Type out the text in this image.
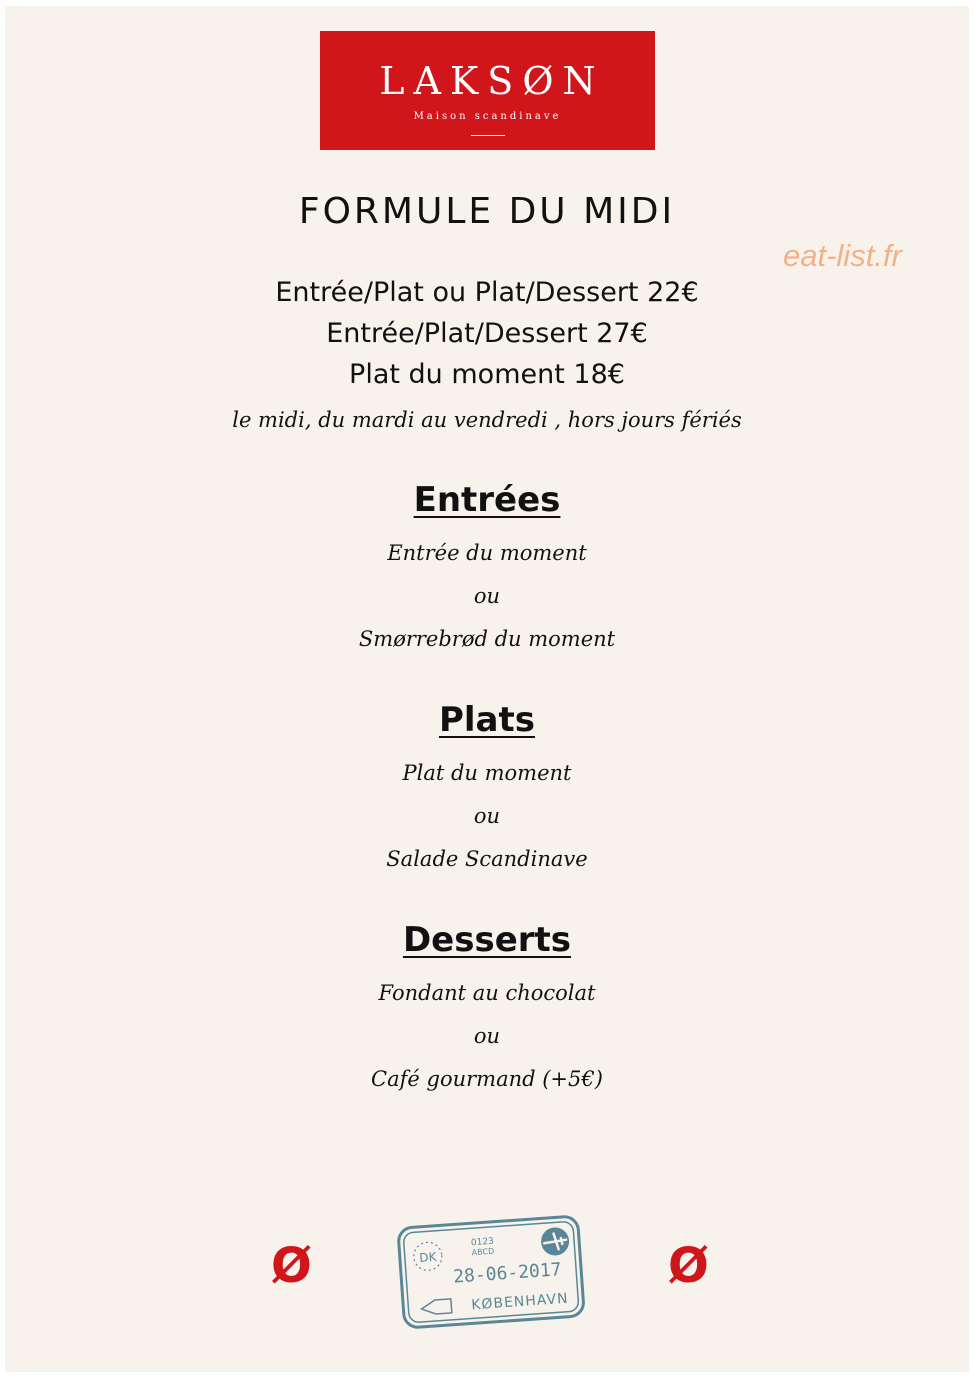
LAKSØN
Maison scandinave
FORMULE DU MIDI
eat-list.fr
Entrée/Plat ou Plat/Dessert 22€
Entrée/Plat/Dessert 27€
Plat du moment 18€
le midi, du mardi au vendredi , hors jours fériés
Entrées
Entrée du moment
ou
Smørrebrød du moment
Plats
Plat du moment
ou
Salade Scandinave
Desserts
Fondant au chocolat
ou
Café gourmand (+5€)
Ø	Ø
DK
0123
ABCD
28-06-2017
KØBENHAVN
